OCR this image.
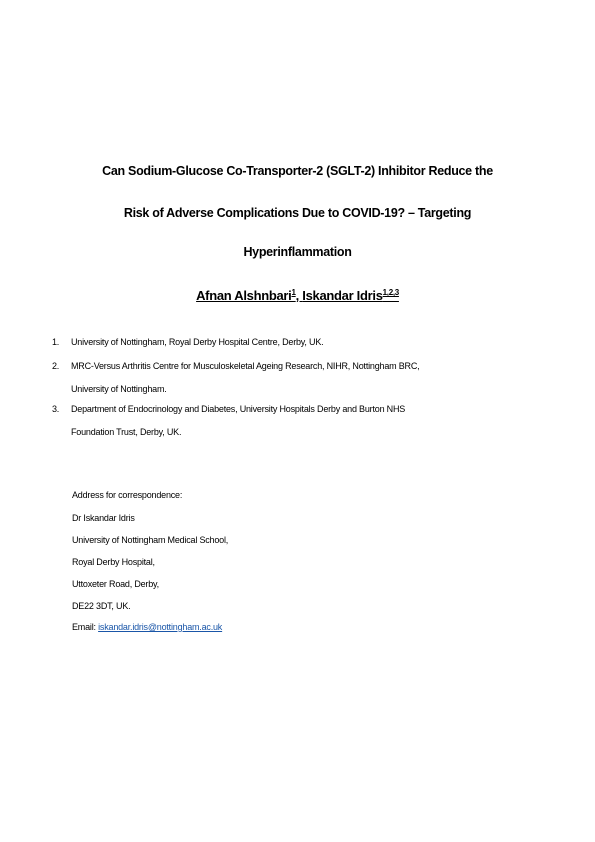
Can Sodium-Glucose Co-Transporter-2 (SGLT-2) Inhibitor Reduce the
Risk of Adverse Complications Due to COVID-19? – Targeting
Hyperinflammation
Afnan Alshnbari$^1$, Iskandar Idris$^{1,2,3}$
1. University of Nottingham, Royal Derby Hospital Centre, Derby, UK.
2. MRC-Versus Arthritis Centre for Musculoskeletal Ageing Research, NIHR, Nottingham BRC,
University of Nottingham.
3. Department of Endocrinology and Diabetes, University Hospitals Derby and Burton NHS
Foundation Trust, Derby, UK.
Address for correspondence:
Dr Iskandar Idris
University of Nottingham Medical School,
Royal Derby Hospital,
Uttoxeter Road, Derby,
DE22 3DT, UK.
Email: iskandar.idris@nottingham.ac.uk
